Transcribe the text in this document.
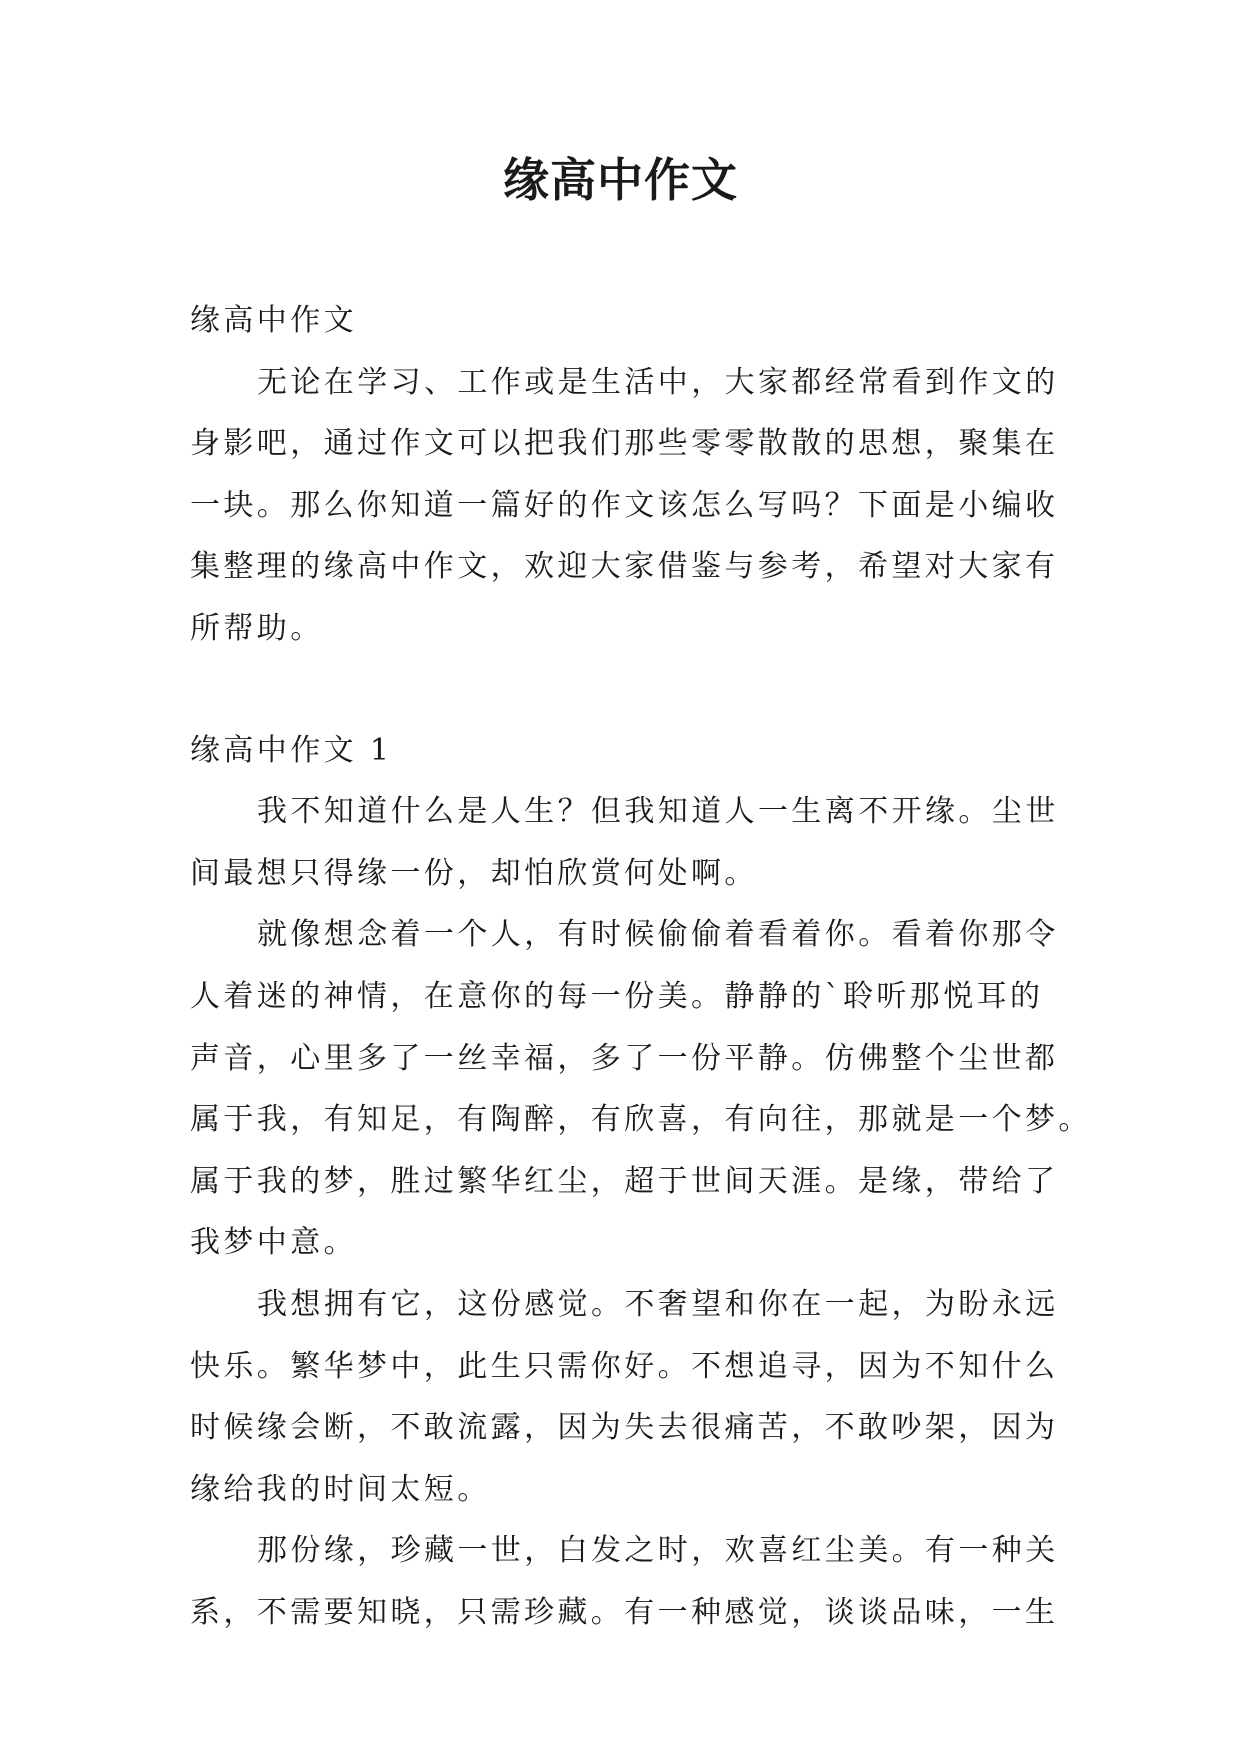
缘高中作文
缘高中作文
无论在学习、工作或是生活中，大家都经常看到作文的
身影吧，通过作文可以把我们那些零零散散的思想，聚集在
一块。那么你知道一篇好的作文该怎么写吗？下面是小编收
集整理的缘高中作文，欢迎大家借鉴与参考，希望对大家有
所帮助。
缘高中作文 1
我不知道什么是人生？但我知道人一生离不开缘。尘世
间最想只得缘一份，却怕欣赏何处啊。
就像想念着一个人，有时候偷偷着看着你。看着你那令
人着迷的神情，在意你的每一份美。静静的`聆听那悦耳的
声音，心里多了一丝幸福，多了一份平静。仿佛整个尘世都
属于我，有知足，有陶醉，有欣喜，有向往，那就是一个梦。
属于我的梦，胜过繁华红尘，超于世间天涯。是缘，带给了
我梦中意。
我想拥有它，这份感觉。不奢望和你在一起，为盼永远
快乐。繁华梦中，此生只需你好。不想追寻，因为不知什么
时候缘会断，不敢流露，因为失去很痛苦，不敢吵架，因为
缘给我的时间太短。
那份缘，珍藏一世，白发之时，欢喜红尘美。有一种关
系，不需要知晓，只需珍藏。有一种感觉，谈谈品味，一生
